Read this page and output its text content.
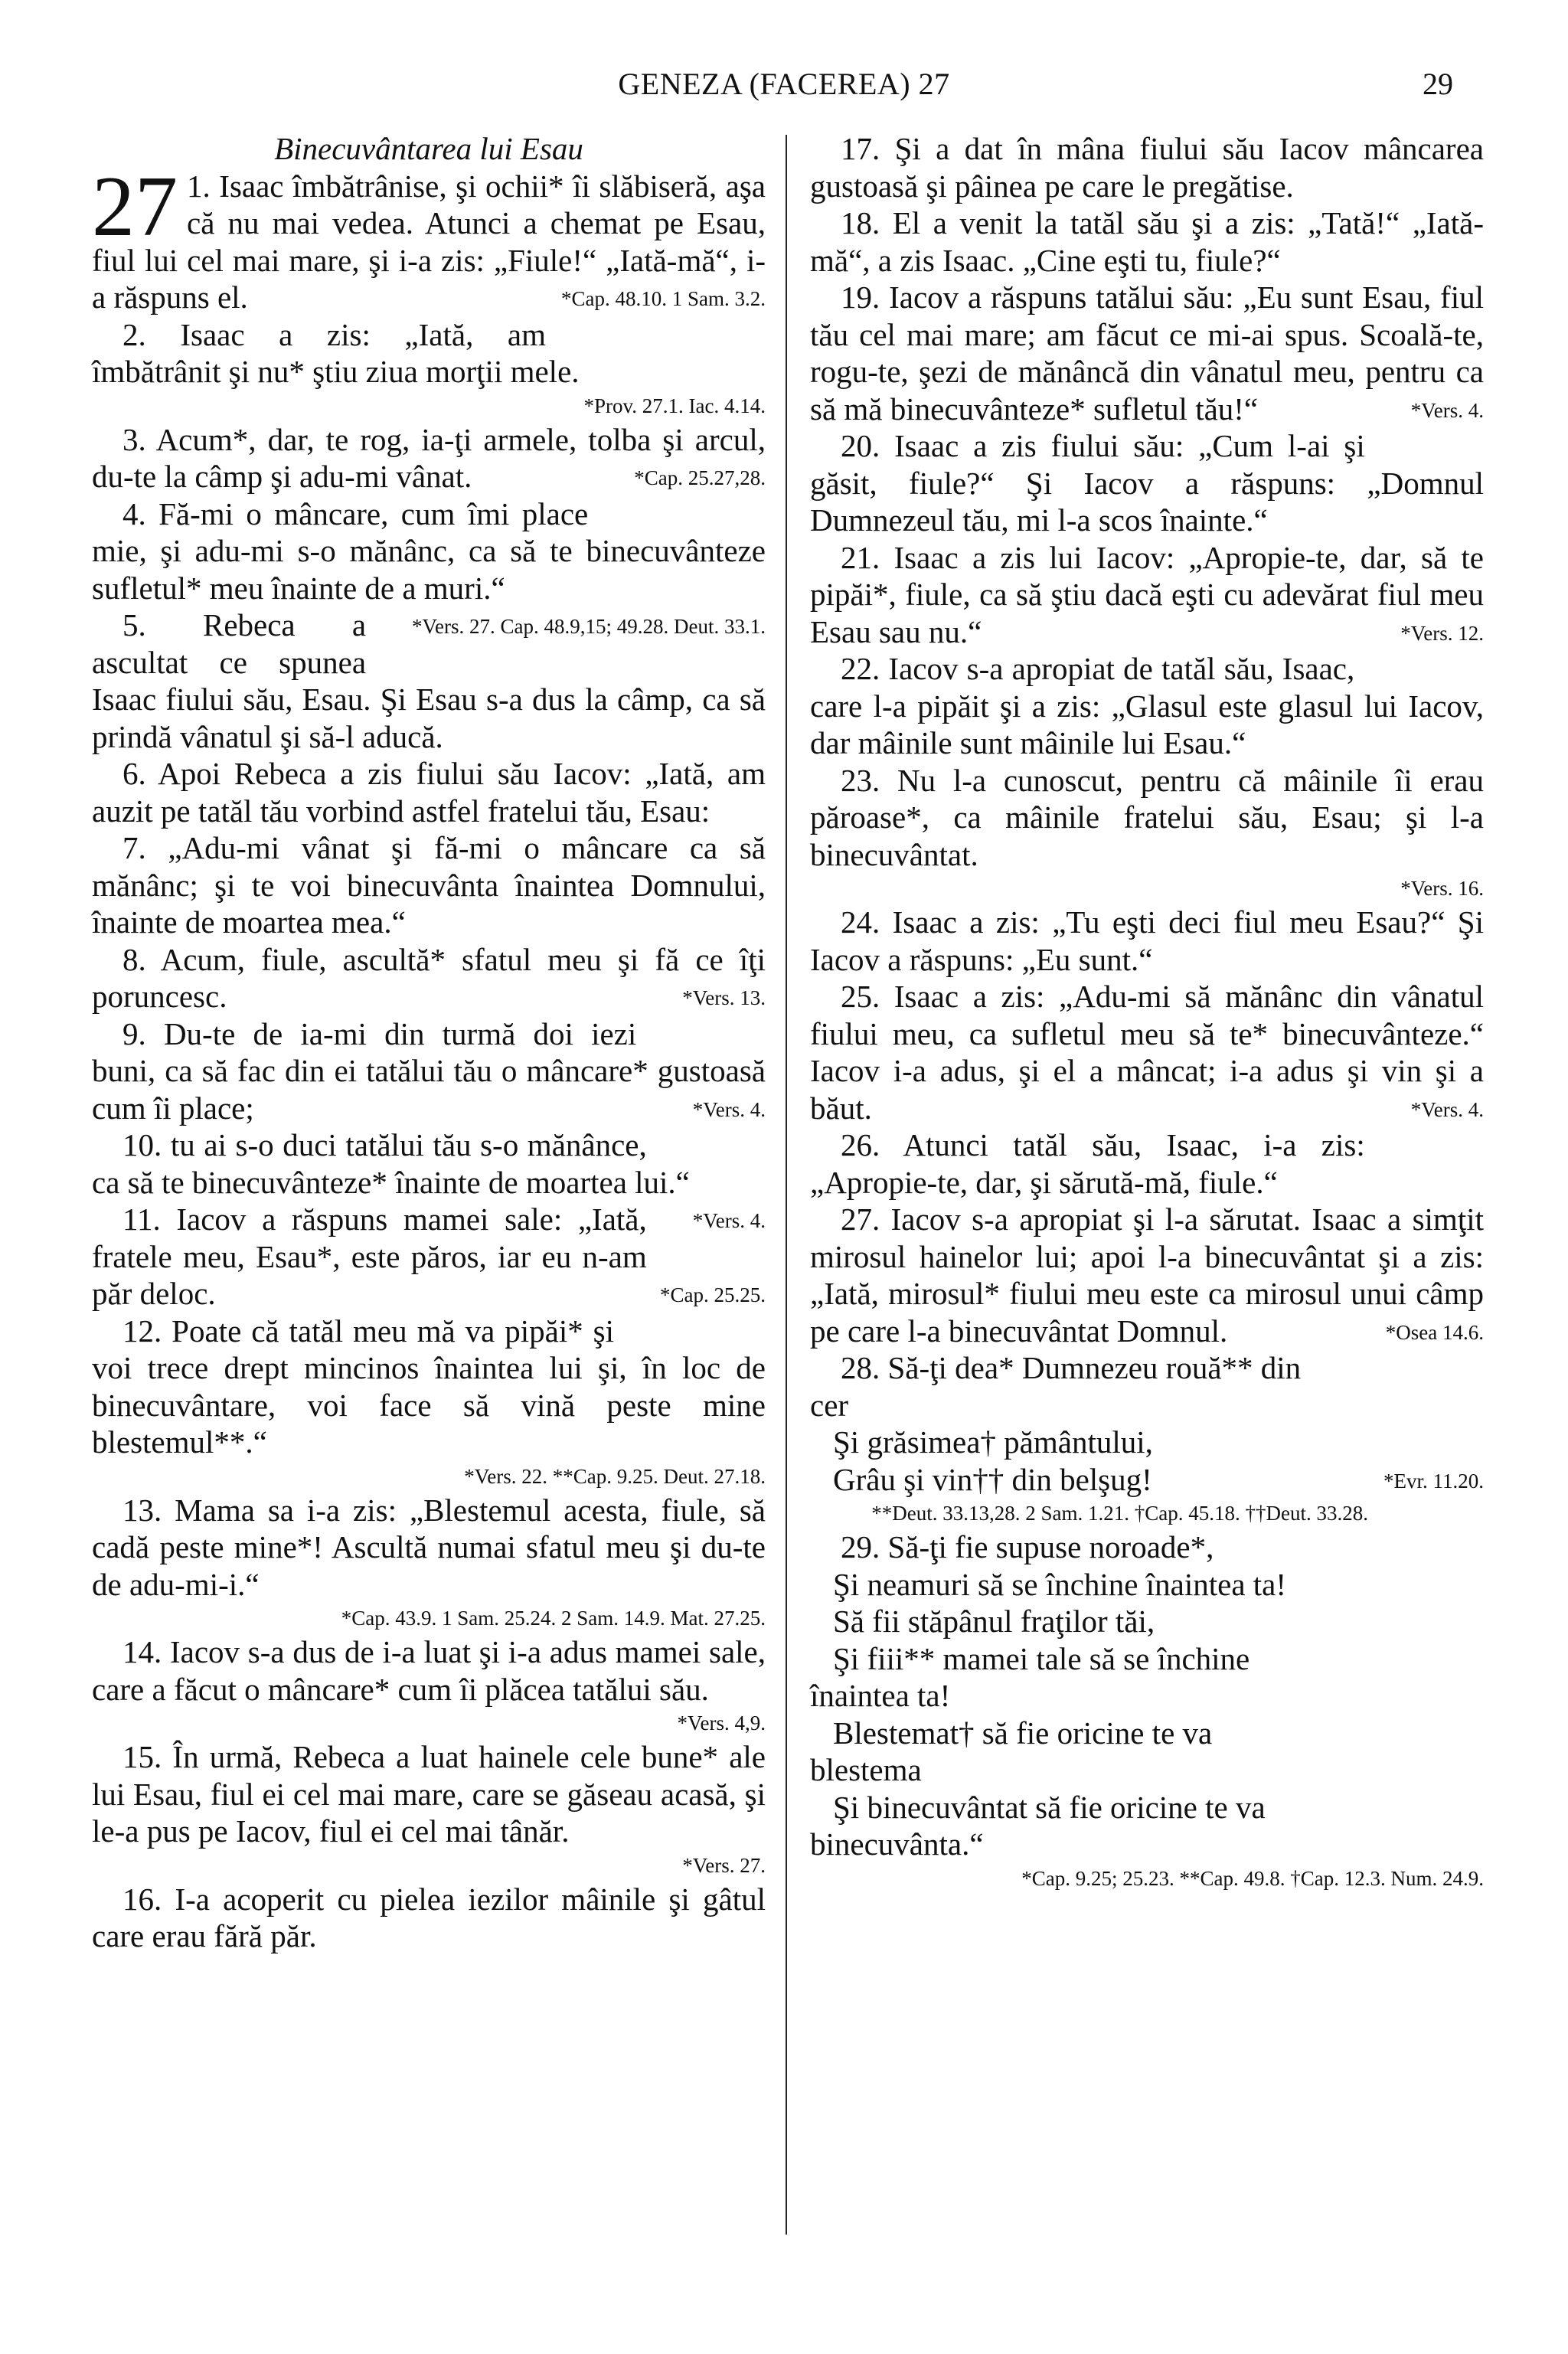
GENEZA (FACEREA) 27	29

Binecuvântarea lui Esau

27 1. Isaac îmbătrânise, şi ochii* îi slăbiseră, aşa că nu mai vedea. Atunci a chemat pe Esau, fiul lui cel mai mare, şi i-a zis: „Fiule!“ „Iată-mă“, i-a răspuns el.	*Cap. 48.10. 1 Sam. 3.2.

2. Isaac a zis: „Iată, am îmbătrânit şi nu* ştiu ziua morţii mele.

*Prov. 27.1. Iac. 4.14.

3. Acum*, dar, te rog, ia-ţi armele, tolba şi arcul, du-te la câmp şi adu-mi vânat.	*Cap. 25.27,28.

4. Fă-mi o mâncare, cum îmi place mie, şi adu-mi s-o mănânc, ca să te binecuvânteze sufletul* meu înainte de a muri.“
*Vers. 27. Cap. 48.9,15; 49.28. Deut. 33.1.

5. Rebeca a ascultat ce spunea Isaac fiului său, Esau. Şi Esau s-a dus la câmp, ca să prindă vânatul şi să-l aducă.

6. Apoi Rebeca a zis fiului său Iacov: „Iată, am auzit pe tatăl tău vorbind astfel fratelui tău, Esau:

7. „Adu-mi vânat şi fă-mi o mâncare ca să mănânc; şi te voi binecuvânta înaintea Domnului, înainte de moartea mea.“

8. Acum, fiule, ascultă* sfatul meu şi fă ce îţi poruncesc.	*Vers. 13.

9. Du-te de ia-mi din turmă doi iezi buni, ca să fac din ei tatălui tău o mâncare* gustoasă cum îi place;	*Vers. 4.

10. tu ai s-o duci tatălui tău s-o mănânce, ca să te binecuvânteze* înainte de moartea lui.“
*Vers. 4.

11. Iacov a răspuns mamei sale: „Iată, fratele meu, Esau*, este păros, iar eu n-am păr deloc.	*Cap. 25.25.

12. Poate că tatăl meu mă va pipăi* şi voi trece drept mincinos înaintea lui şi, în loc de binecuvântare, voi face să vină peste mine blestemul**.“

*Vers. 22. **Cap. 9.25. Deut. 27.18.

13. Mama sa i-a zis: „Blestemul acesta, fiule, să cadă peste mine*! Ascultă numai sfatul meu şi du-te de adu-mi-i.“

*Cap. 43.9. 1 Sam. 25.24. 2 Sam. 14.9. Mat. 27.25.

14. Iacov s-a dus de i-a luat şi i-a adus mamei sale, care a făcut o mâncare* cum îi plăcea tatălui său.

*Vers. 4,9.

15. În urmă, Rebeca a luat hainele cele bune* ale lui Esau, fiul ei cel mai mare, care se găseau acasă, şi le-a pus pe Iacov, fiul ei cel mai tânăr.

*Vers. 27.

16. I-a acoperit cu pielea iezilor mâinile şi gâtul care erau fără păr.

17. Şi a dat în mâna fiului său Iacov mâncarea gustoasă şi pâinea pe care le pregătise.

18. El a venit la tatăl său şi a zis: „Tată!“ „Iată-mă“, a zis Isaac. „Cine eşti tu, fiule?“

19. Iacov a răspuns tatălui său: „Eu sunt Esau, fiul tău cel mai mare; am făcut ce mi-ai spus. Scoală-te, rogu-te, şezi de mănâncă din vânatul meu, pentru ca să mă binecuvânteze* sufletul tău!“	*Vers. 4.

20. Isaac a zis fiului său: „Cum l-ai şi găsit, fiule?“ Şi Iacov a răspuns: „Domnul Dumnezeul tău, mi l-a scos înainte.“

21. Isaac a zis lui Iacov: „Apropie-te, dar, să te pipăi*, fiule, ca să ştiu dacă eşti cu adevărat fiul meu Esau sau nu.“	*Vers. 12.

22. Iacov s-a apropiat de tatăl său, Isaac, care l-a pipăit şi a zis: „Glasul este glasul lui Iacov, dar mâinile sunt mâinile lui Esau.“

23. Nu l-a cunoscut, pentru că mâinile îi erau păroase*, ca mâinile fratelui său, Esau; şi l-a binecuvântat.

*Vers. 16.

24. Isaac a zis: „Tu eşti deci fiul meu Esau?“ Şi Iacov a răspuns: „Eu sunt.“

25. Isaac a zis: „Adu-mi să mănânc din vânatul fiului meu, ca sufletul meu să te* binecuvânteze.“ Iacov i-a adus, şi el a mâncat; i-a adus şi vin şi a băut.	*Vers. 4.

26. Atunci tatăl său, Isaac, i-a zis: „Apropie-te, dar, şi sărută-mă, fiule.“

27. Iacov s-a apropiat şi l-a sărutat. Isaac a simţit mirosul hainelor lui; apoi l-a binecuvântat şi a zis: „Iată, mirosul* fiului meu este ca mirosul unui câmp pe care l-a binecuvântat Domnul.	*Osea 14.6.

28. Să-ţi dea* Dumnezeu rouă** din

cer

Şi grăsimea† pământului,

Grâu şi vin†† din belşug!	*Evr. 11.20.

**Deut. 33.13,28. 2 Sam. 1.21. †Cap. 45.18. ††Deut. 33.28.

29. Să-ţi fie supuse noroade*,

Şi neamuri să se închine înaintea ta!

Să fii stăpânul fraţilor tăi,

Şi fiii** mamei tale să se închine

înaintea ta!

Blestemat† să fie oricine te va

blestema

Şi binecuvântat să fie oricine te va

binecuvânta.“

*Cap. 9.25; 25.23. **Cap. 49.8. †Cap. 12.3. Num. 24.9.
